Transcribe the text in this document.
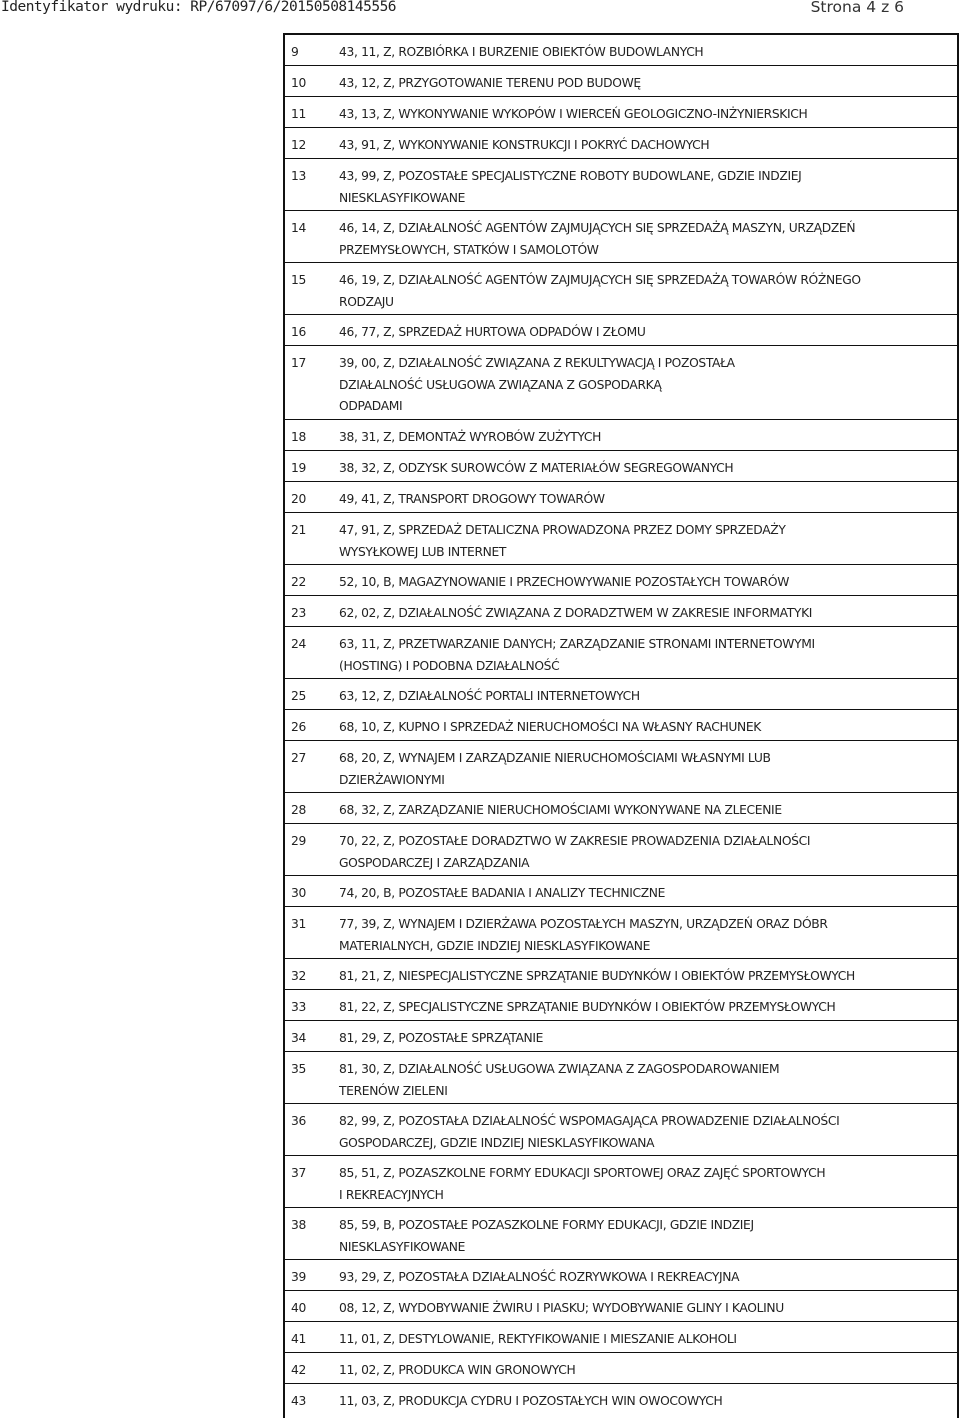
Identyfikator wydruku: RP/67097/6/20150508145556	Strona 4 z 6
9	43, 11, Z, ROZBIÓRKA I BURZENIE OBIEKTÓW BUDOWLANYCH
10	43, 12, Z, PRZYGOTOWANIE TERENU POD BUDOWĘ
11	43, 13, Z, WYKONYWANIE WYKOPÓW I WIERCEŃ GEOLOGICZNO-INŻYNIERSKICH
12	43, 91, Z, WYKONYWANIE KONSTRUKCJI I POKRYĆ DACHOWYCH
13	43, 99, Z, POZOSTAŁE SPECJALISTYCZNE ROBOTY BUDOWLANE, GDZIE INDZIEJ
NIESKLASYFIKOWANE
14	46, 14, Z, DZIAŁALNOŚĆ AGENTÓW ZAJMUJĄCYCH SIĘ SPRZEDAŻĄ MASZYN, URZĄDZEŃ
PRZEMYSŁOWYCH, STATKÓW I SAMOLOTÓW
15	46, 19, Z, DZIAŁALNOŚĆ AGENTÓW ZAJMUJĄCYCH SIĘ SPRZEDAŻĄ TOWARÓW RÓŻNEGO
RODZAJU
16	46, 77, Z, SPRZEDAŻ HURTOWA ODPADÓW I ZŁOMU
17	39, 00, Z, DZIAŁALNOŚĆ ZWIĄZANA Z REKULTYWACJĄ I POZOSTAŁA
DZIAŁALNOŚĆ USŁUGOWA ZWIĄZANA Z GOSPODARKĄ
ODPADAMI
18	38, 31, Z, DEMONTAŻ WYROBÓW ZUŻYTYCH
19	38, 32, Z, ODZYSK SUROWCÓW Z MATERIAŁÓW SEGREGOWANYCH
20	49, 41, Z, TRANSPORT DROGOWY TOWARÓW
21	47, 91, Z, SPRZEDAŻ DETALICZNA PROWADZONA PRZEZ DOMY SPRZEDAŻY
WYSYŁKOWEJ LUB INTERNET
22	52, 10, B, MAGAZYNOWANIE I PRZECHOWYWANIE POZOSTAŁYCH TOWARÓW
23	62, 02, Z, DZIAŁALNOŚĆ ZWIĄZANA Z DORADZTWEM W ZAKRESIE INFORMATYKI
24	63, 11, Z, PRZETWARZANIE DANYCH; ZARZĄDZANIE STRONAMI INTERNETOWYMI
(HOSTING) I PODOBNA DZIAŁALNOŚĆ
25	63, 12, Z, DZIAŁALNOŚĆ PORTALI INTERNETOWYCH
26	68, 10, Z, KUPNO I SPRZEDAŻ NIERUCHOMOŚCI NA WŁASNY RACHUNEK
27	68, 20, Z, WYNAJEM I ZARZĄDZANIE NIERUCHOMOŚCIAMI WŁASNYMI LUB
DZIERŻAWIONYMI
28	68, 32, Z, ZARZĄDZANIE NIERUCHOMOŚCIAMI WYKONYWANE NA ZLECENIE
29	70, 22, Z, POZOSTAŁE DORADZTWO W ZAKRESIE PROWADZENIA DZIAŁALNOŚCI
GOSPODARCZEJ I ZARZĄDZANIA
30	74, 20, B, POZOSTAŁE BADANIA I ANALIZY TECHNICZNE
31	77, 39, Z, WYNAJEM I DZIERŻAWA POZOSTAŁYCH MASZYN, URZĄDZEŃ ORAZ DÓBR
MATERIALNYCH, GDZIE INDZIEJ NIESKLASYFIKOWANE
32	81, 21, Z, NIESPECJALISTYCZNE SPRZĄTANIE BUDYNKÓW I OBIEKTÓW PRZEMYSŁOWYCH
33	81, 22, Z, SPECJALISTYCZNE SPRZĄTANIE BUDYNKÓW I OBIEKTÓW PRZEMYSŁOWYCH
34	81, 29, Z, POZOSTAŁE SPRZĄTANIE
35	81, 30, Z, DZIAŁALNOŚĆ USŁUGOWA ZWIĄZANA Z ZAGOSPODAROWANIEM
TERENÓW ZIELENI
36	82, 99, Z, POZOSTAŁA DZIAŁALNOŚĆ WSPOMAGAJĄCA PROWADZENIE DZIAŁALNOŚCI
GOSPODARCZEJ, GDZIE INDZIEJ NIESKLASYFIKOWANA
37	85, 51, Z, POZASZKOLNE FORMY EDUKACJI SPORTOWEJ ORAZ ZAJĘĆ SPORTOWYCH
I REKREACYJNYCH
38	85, 59, B, POZOSTAŁE POZASZKOLNE FORMY EDUKACJI, GDZIE INDZIEJ
NIESKLASYFIKOWANE
39	93, 29, Z, POZOSTAŁA DZIAŁALNOŚĆ ROZRYWKOWA I REKREACYJNA
40	08, 12, Z, WYDOBYWANIE ŻWIRU I PIASKU; WYDOBYWANIE GLINY I KAOLINU
41	11, 01, Z, DESTYLOWANIE, REKTYFIKOWANIE I MIESZANIE ALKOHOLI
42	11, 02, Z, PRODUKCA WIN GRONOWYCH
43	11, 03, Z, PRODUKCJA CYDRU I POZOSTAŁYCH WIN OWOCOWYCH
